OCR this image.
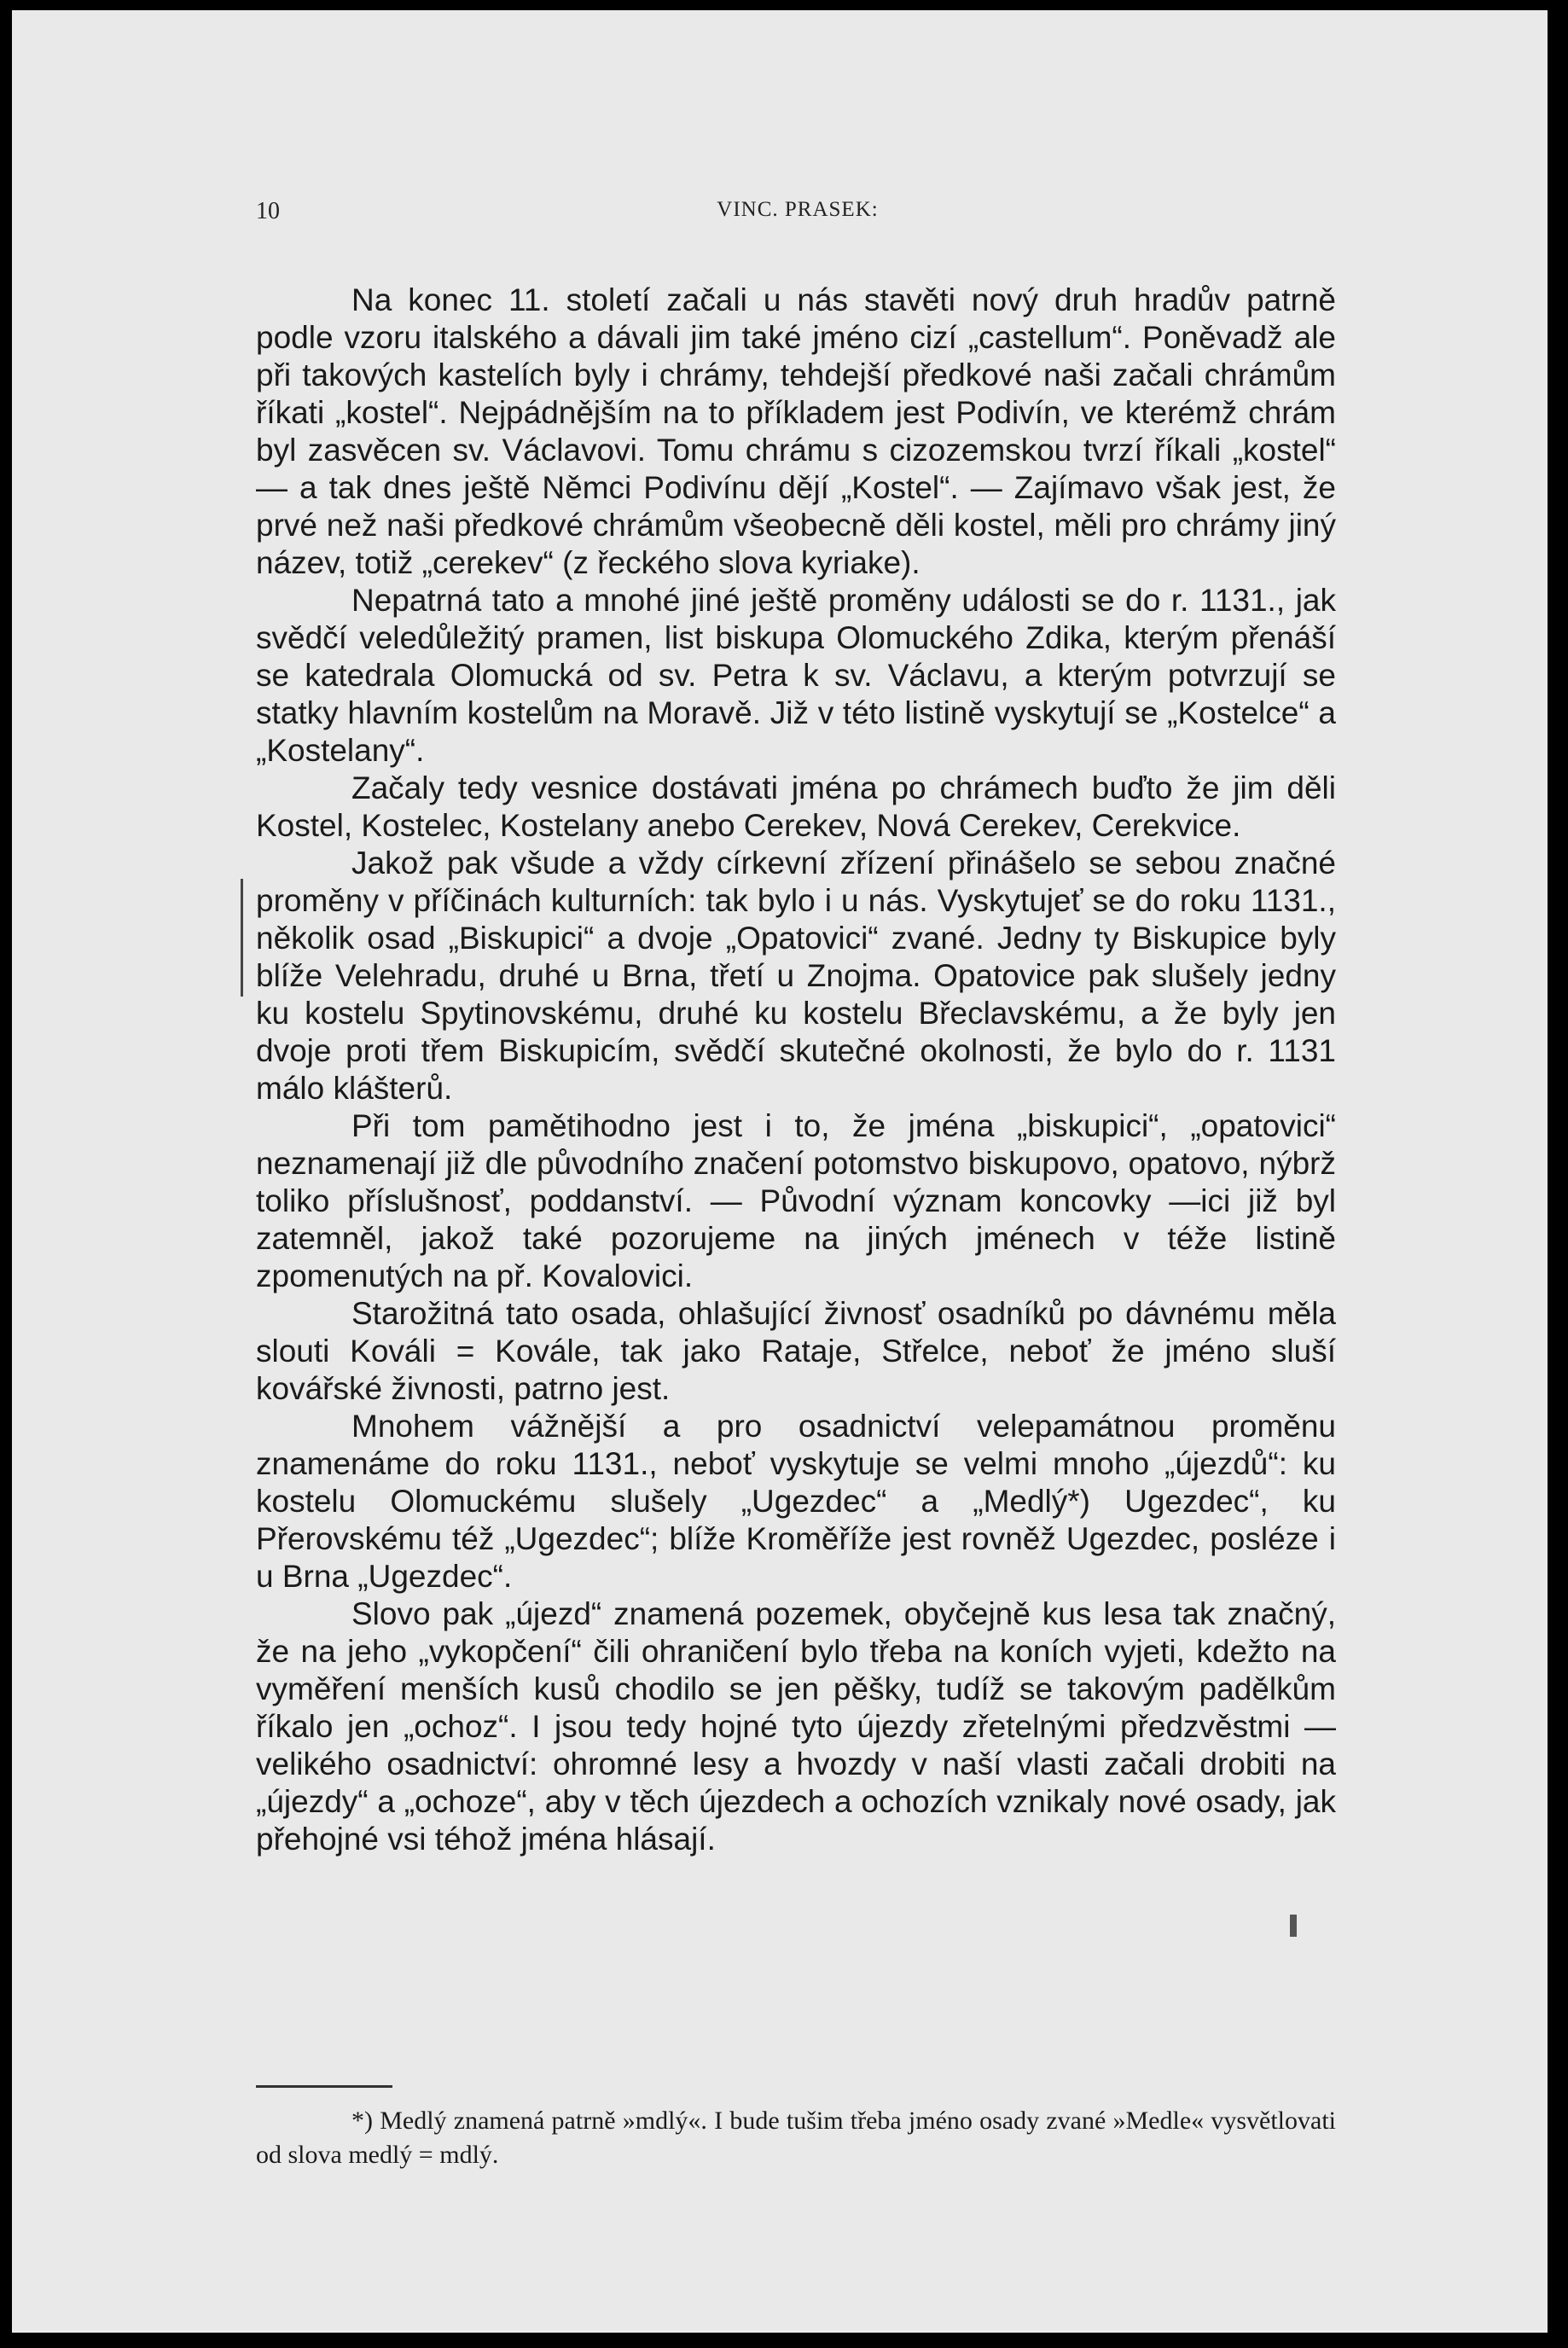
10	VINC. PRASEK:

Na konec 11. století začali u nás stavěti nový druh hradův patrně podle vzoru italského a dávali jim také jméno cizí „castellum“. Poněvadž ale při takových kastelích byly i chrámy, tehdejší předkové naši začali chrámům říkati „kostel“. Nejpádnějším na to příkladem jest Podivín, ve kterémž chrám byl zasvěcen sv. Václavovi. Tomu chrámu s cizozemskou tvrzí říkali „kostel“ — a tak dnes ještě Němci Podivínu dějí „Kostel“. — Zajímavo však jest, že prvé než naši předkové chrámům všeobecně děli kostel, měli pro chrámy jiný název, totiž „cerekev“ (z řeckého slova kyriake).

Nepatrná tato a mnohé jiné ještě proměny události se do r. 1131., jak svědčí veledůležitý pramen, list biskupa Olomuckého Zdika, kterým přenáší se katedrala Olomucká od sv. Petra k sv. Václavu, a kterým potvrzují se statky hlavním kostelům na Moravě. Již v této listině vyskytují se „Kostelce“ a „Kostelany“.

Začaly tedy vesnice dostávati jména po chrámech buďto že jim děli Kostel, Kostelec, Kostelany anebo Cerekev, Nová Cerekev, Cerekvice.

Jakož pak všude a vždy církevní zřízení přinášelo se sebou značné proměny v příčinách kulturních: tak bylo i u nás. Vyskytujeť se do roku 1131., několik osad „Biskupici“ a dvoje „Opatovici“ zvané. Jedny ty Biskupice byly blíže Velehradu, druhé u Brna, třetí u Znojma. Opatovice pak slušely jedny ku kostelu Spytinovskému, druhé ku kostelu Břeclavskému, a že byly jen dvoje proti třem Biskupicím, svědčí skutečné okolnosti, že bylo do r. 1131 málo klášterů.

Při tom pamětihodno jest i to, že jména „biskupici“, „opatovici“ neznamenají již dle původního značení potomstvo biskupovo, opatovo, nýbrž toliko příslušnosť, poddanství. — Původní význam koncovky —ici již byl zatemněl, jakož také pozorujeme na jiných jménech v téže listině zpomenutých na př. Kovalovici.

Starožitná tato osada, ohlašující živnosť osadníků po dávnému měla slouti Kováli = Kovále, tak jako Rataje, Střelce, neboť že jméno sluší kovářské živnosti, patrno jest.

Mnohem vážnější a pro osadnictví velepamátnou proměnu znamenáme do roku 1131., neboť vyskytuje se velmi mnoho „újezdů“: ku kostelu Olomuckému slušely „Ugezdec“ a „Medlý*) Ugezdec“, ku Přerovskému též „Ugezdec“; blíže Kroměříže jest rovněž Ugezdec, posléze i u Brna „Ugezdec“.

Slovo pak „újezd“ znamená pozemek, obyčejně kus lesa tak značný, že na jeho „vykopčení“ čili ohraničení bylo třeba na koních vyjeti, kdežto na vyměření menších kusů chodilo se jen pěšky, tudíž se takovým padělkům říkalo jen „ochoz“. I jsou tedy hojné tyto újezdy zřetelnými předzvěstmi — velikého osadnictví: ohromné lesy a hvozdy v naší vlasti začali drobiti na „újezdy“ a „ochoze“, aby v těch újezdech a ochozích vznikaly nové osady, jak přehojné vsi téhož jména hlásají.

*) Medlý znamená patrně »mdlý«. I bude tušim třeba jméno osady zvané »Medle« vysvětlovati od slova medlý = mdlý.
